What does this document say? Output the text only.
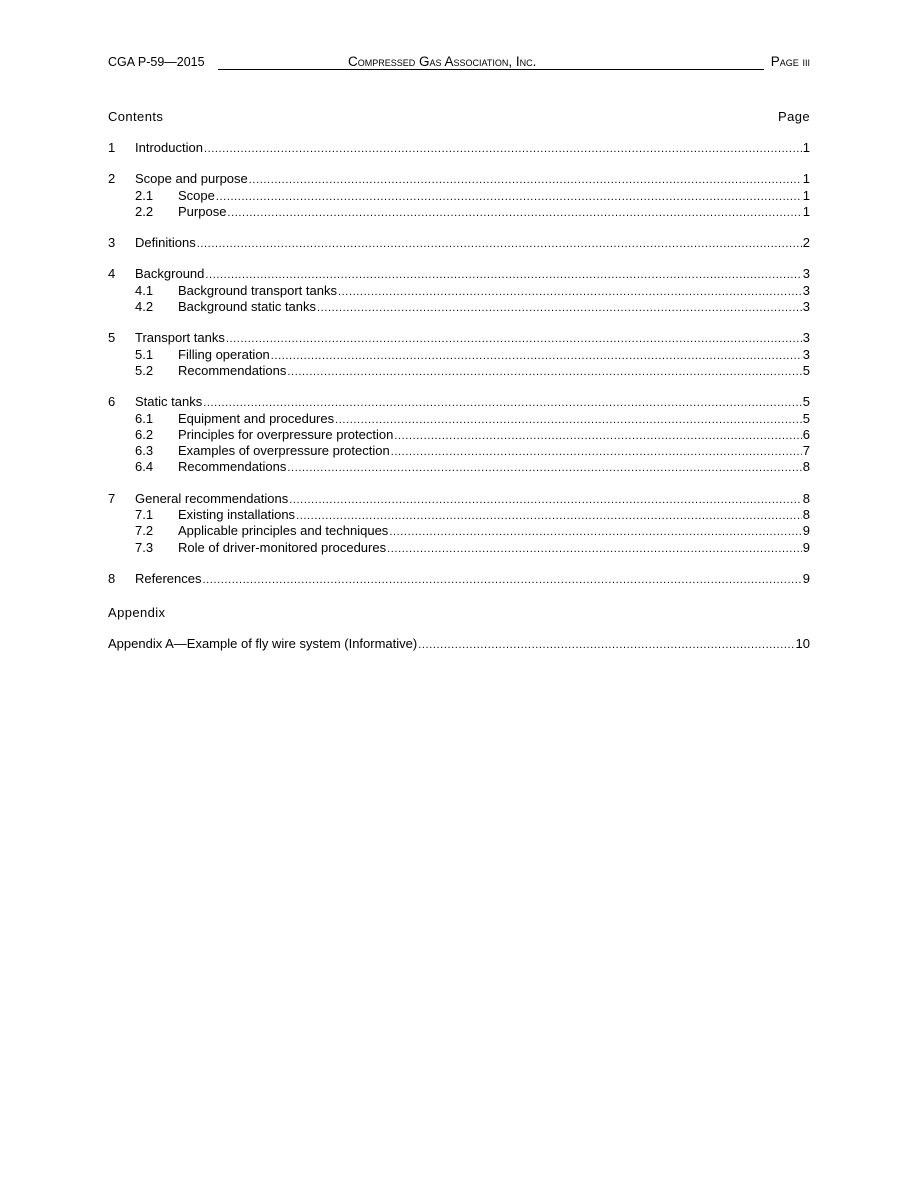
CGA P-59—2015	Compressed Gas Association, Inc.	Page iii
Contents	Page
1	Introduction .....	1
2	Scope and purpose .....	1
2.1	Scope .....	1
2.2	Purpose .....	1
3	Definitions .....	2
4	Background .....	3
4.1	Background transport tanks .....	3
4.2	Background static tanks .....	3
5	Transport tanks .....	3
5.1	Filling operation .....	3
5.2	Recommendations .....	5
6	Static tanks .....	5
6.1	Equipment and procedures .....	5
6.2	Principles for overpressure protection .....	6
6.3	Examples of overpressure protection .....	7
6.4	Recommendations .....	8
7	General recommendations .....	8
7.1	Existing installations .....	8
7.2	Applicable principles and techniques .....	9
7.3	Role of driver-monitored procedures .....	9
8	References .....	9
Appendix
Appendix A—Example of fly wire system (Informative) .....	10
